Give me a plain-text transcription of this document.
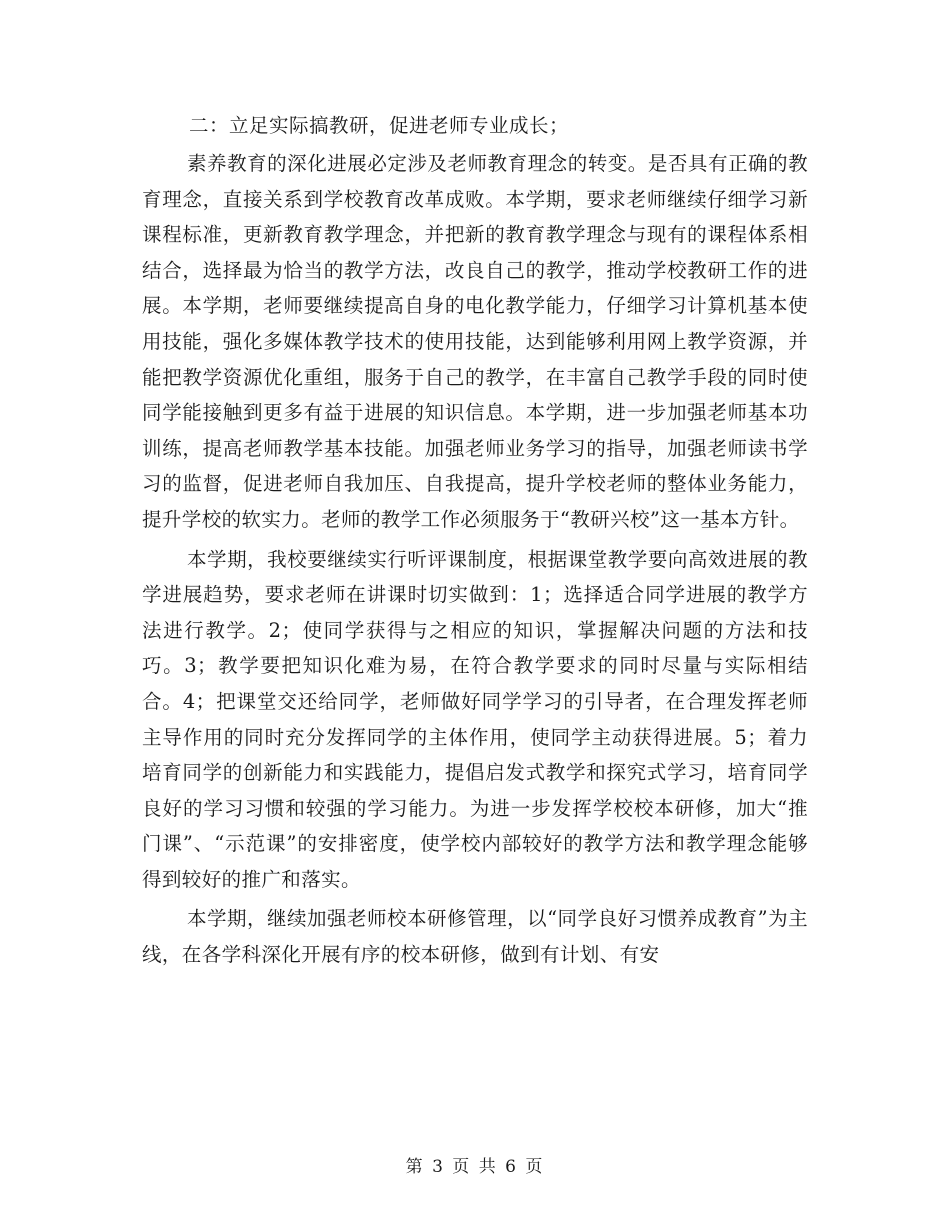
二：立足实际搞教研，促进老师专业成长；

素养教育的深化进展必定涉及老师教育理念的转变。是否具有正确的教育理念，直接关系到学校教育改革成败。本学期，要求老师继续仔细学习新课程标准，更新教育教学理念，并把新的教育教学理念与现有的课程体系相结合，选择最为恰当的教学方法，改良自己的教学，推动学校教研工作的进展。本学期，老师要继续提高自身的电化教学能力，仔细学习计算机基本使用技能，强化多媒体教学技术的使用技能，达到能够利用网上教学资源，并能把教学资源优化重组，服务于自己的教学，在丰富自己教学手段的同时使同学能接触到更多有益于进展的知识信息。本学期，进一步加强老师基本功训练，提高老师教学基本技能。加强老师业务学习的指导，加强老师读书学习的监督，促进老师自我加压、自我提高，提升学校老师的整体业务能力，提升学校的软实力。老师的教学工作必须服务于“教研兴校”这一基本方针。

本学期，我校要继续实行听评课制度，根据课堂教学要向高效进展的教学进展趋势，要求老师在讲课时切实做到：1；选择适合同学进展的教学方法进行教学。2；使同学获得与之相应的知识，掌握解决问题的方法和技巧。3；教学要把知识化难为易，在符合教学要求的同时尽量与实际相结合。4；把课堂交还给同学，老师做好同学学习的引导者，在合理发挥老师主导作用的同时充分发挥同学的主体作用，使同学主动获得进展。5；着力培育同学的创新能力和实践能力，提倡启发式教学和探究式学习，培育同学良好的学习习惯和较强的学习能力。为进一步发挥学校校本研修，加大“推门课”、“示范课”的安排密度，使学校内部较好的教学方法和教学理念能够得到较好的推广和落实。

本学期，继续加强老师校本研修管理，以“同学良好习惯养成教育”为主线，在各学科深化开展有序的校本研修，做到有计划、有安

第 3 页 共 6 页
